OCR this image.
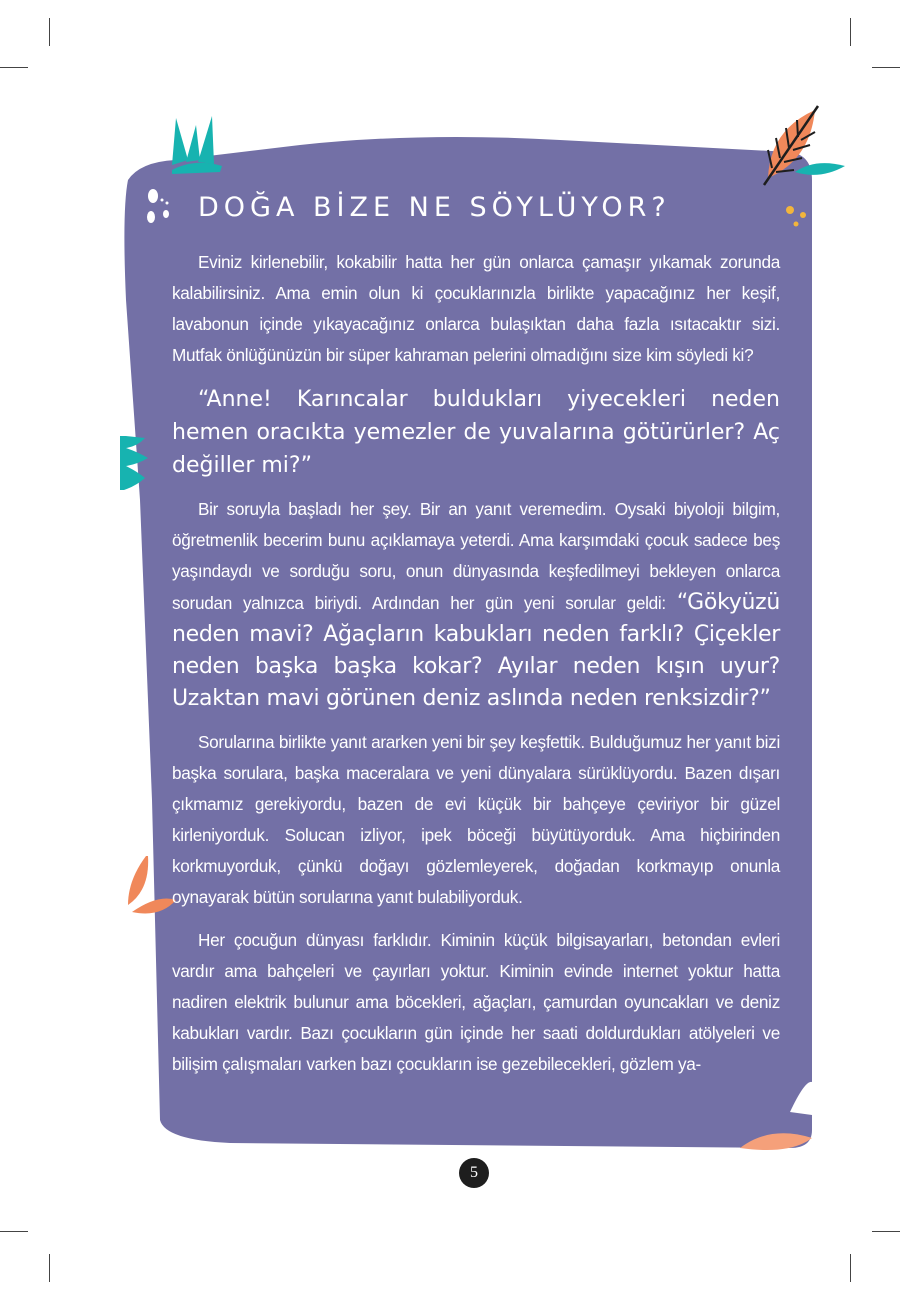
DOĞA BİZE NE SÖYLÜYOR?

Eviniz kirlenebilir, kokabilir hatta her gün onlarca çamaşır yıkamak zorunda kalabilirsiniz. Ama emin olun ki çocuklarınızla birlikte yapacağınız her keşif, lavabonun içinde yıkayacağınız onlarca bulaşıktan daha fazla ısıtacaktır sizi. Mutfak önlüğünüzün bir süper kahraman pelerini olmadığını size kim söyledi ki?

“Anne! Karıncalar buldukları yiyecekleri neden hemen oracıkta yemezler de yuvalarına götürürler? Aç değiller mi?”

Bir soruyla başladı her şey. Bir an yanıt veremedim. Oysaki biyoloji bilgim, öğretmenlik becerim bunu açıklamaya yeterdi. Ama karşımdaki çocuk sadece beş yaşındaydı ve sorduğu soru, onun dünyasında keşfedilmeyi bekleyen onlarca sorudan yalnızca biriydi. Ardından her gün yeni sorular geldi: “Gökyüzü neden mavi? Ağaçların kabukları neden farklı? Çiçekler neden başka başka kokar? Ayılar neden kışın uyur? Uzaktan mavi görünen deniz aslında neden renksizdir?”

Sorularına birlikte yanıt ararken yeni bir şey keşfettik. Bulduğumuz her yanıt bizi başka sorulara, başka maceralara ve yeni dünyalara sürüklüyordu. Bazen dışarı çıkmamız gerekiyordu, bazen de evi küçük bir bahçeye çeviriyor bir güzel kirleniyorduk. Solucan izliyor, ipek böceği büyütüyorduk. Ama hiçbirinden korkmuyorduk, çünkü doğayı gözlemleyerek, doğadan korkmayıp onunla oynayarak bütün sorularına yanıt bulabiliyorduk.

Her çocuğun dünyası farklıdır. Kiminin küçük bilgisayarları, betondan evleri vardır ama bahçeleri ve çayırları yoktur. Kiminin evinde internet yoktur hatta nadiren elektrik bulunur ama böcekleri, ağaçları, çamurdan oyuncakları ve deniz kabukları vardır. Bazı çocukların gün içinde her saati doldurdukları atölyeleri ve bilişim çalışmaları varken bazı çocukların ise gezebilecekleri, gözlem ya-

5
